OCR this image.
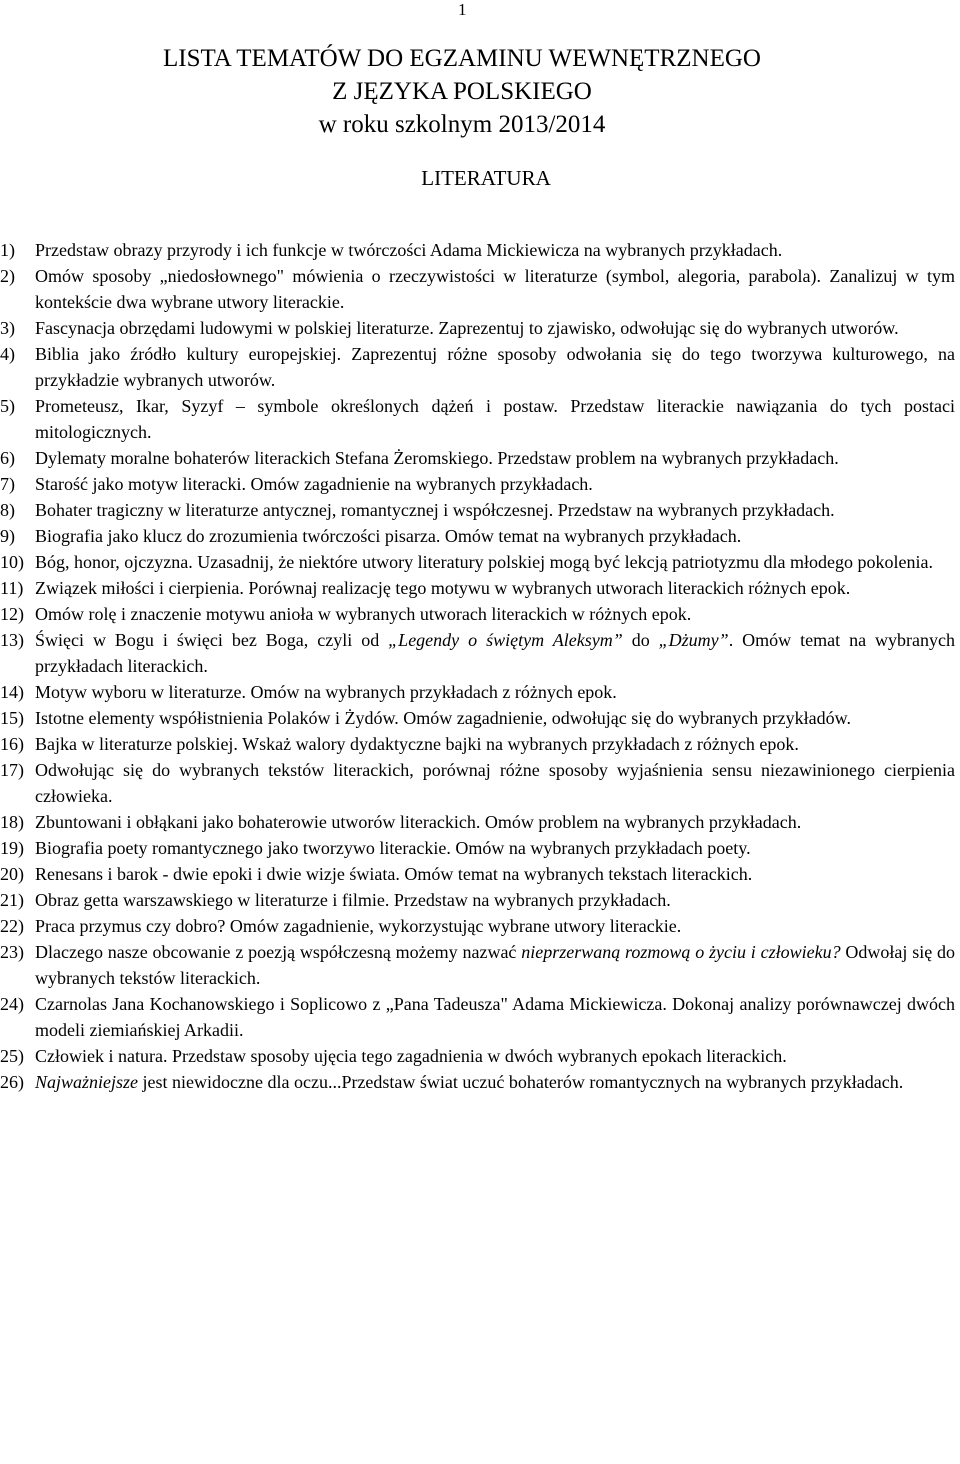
1
LISTA TEMATÓW DO EGZAMINU WEWNĘTRZNEGO
Z JĘZYKA POLSKIEGO
w roku szkolnym 2013/2014
LITERATURA
1) Przedstaw obrazy przyrody i ich funkcje w twórczości Adama Mickiewicza na wybranych przykładach.
2) Omów sposoby „niedosłownego" mówienia o rzeczywistości w literaturze (symbol, alegoria, parabola). Zanalizuj w tym kontekście dwa wybrane utwory literackie.
3) Fascynacja obrzędami ludowymi w polskiej literaturze. Zaprezentuj to zjawisko, odwołując się do wybranych utworów.
4) Biblia jako źródło kultury europejskiej. Zaprezentuj różne sposoby odwołania się do tego tworzywa kulturowego, na przykładzie wybranych utworów.
5) Prometeusz, Ikar, Syzyf – symbole określonych dążeń i postaw. Przedstaw literackie nawiązania do tych postaci mitologicznych.
6) Dylematy moralne bohaterów literackich Stefana Żeromskiego. Przedstaw problem na wybranych przykładach.
7) Starość jako motyw literacki. Omów zagadnienie na wybranych przykładach.
8) Bohater tragiczny w literaturze antycznej, romantycznej i współczesnej. Przedstaw na wybranych przykładach.
9) Biografia jako klucz do zrozumienia twórczości pisarza. Omów temat na wybranych przykładach.
10) Bóg, honor, ojczyzna. Uzasadnij, że niektóre utwory literatury polskiej mogą być lekcją patriotyzmu dla młodego pokolenia.
11) Związek miłości i cierpienia. Porównaj realizację tego motywu w wybranych utworach literackich różnych epok.
12) Omów rolę i znaczenie motywu anioła w wybranych utworach literackich w różnych epok.
13) Święci w Bogu i święci bez Boga, czyli od „Legendy o świętym Aleksym” do „Dżumy”. Omów temat na wybranych przykładach literackich.
14) Motyw wyboru w literaturze. Omów na wybranych przykładach z różnych epok.
15) Istotne elementy współistnienia Polaków i Żydów. Omów zagadnienie, odwołując się do wybranych przykładów.
16) Bajka w literaturze polskiej. Wskaż walory dydaktyczne bajki na wybranych przykładach z różnych epok.
17) Odwołując się do wybranych tekstów literackich, porównaj różne sposoby wyjaśnienia sensu niezawinionego cierpienia człowieka.
18) Zbuntowani i obłąkani jako bohaterowie utworów literackich. Omów problem na wybranych przykładach.
19) Biografia poety romantycznego jako tworzywo literackie. Omów na wybranych przykładach poety.
20) Renesans i barok - dwie epoki i dwie wizje świata. Omów temat na wybranych tekstach literackich.
21) Obraz getta warszawskiego w literaturze i filmie. Przedstaw na wybranych przykładach.
22) Praca przymus czy dobro? Omów zagadnienie, wykorzystując wybrane utwory literackie.
23) Dlaczego nasze obcowanie z poezją współczesną możemy nazwać nieprzerwaną rozmową o życiu i człowieku? Odwołaj się do wybranych tekstów literackich.
24) Czarnolas Jana Kochanowskiego i Soplicowo z „Pana Tadeusza" Adama Mickiewicza. Dokonaj analizy porównawczej dwóch modeli ziemiańskiej Arkadii.
25) Człowiek i natura. Przedstaw sposoby ujęcia tego zagadnienia w dwóch wybranych epokach literackich.
26) Najważniejsze jest niewidoczne dla oczu...Przedstaw świat uczuć bohaterów romantycznych na wybranych przykładach.
